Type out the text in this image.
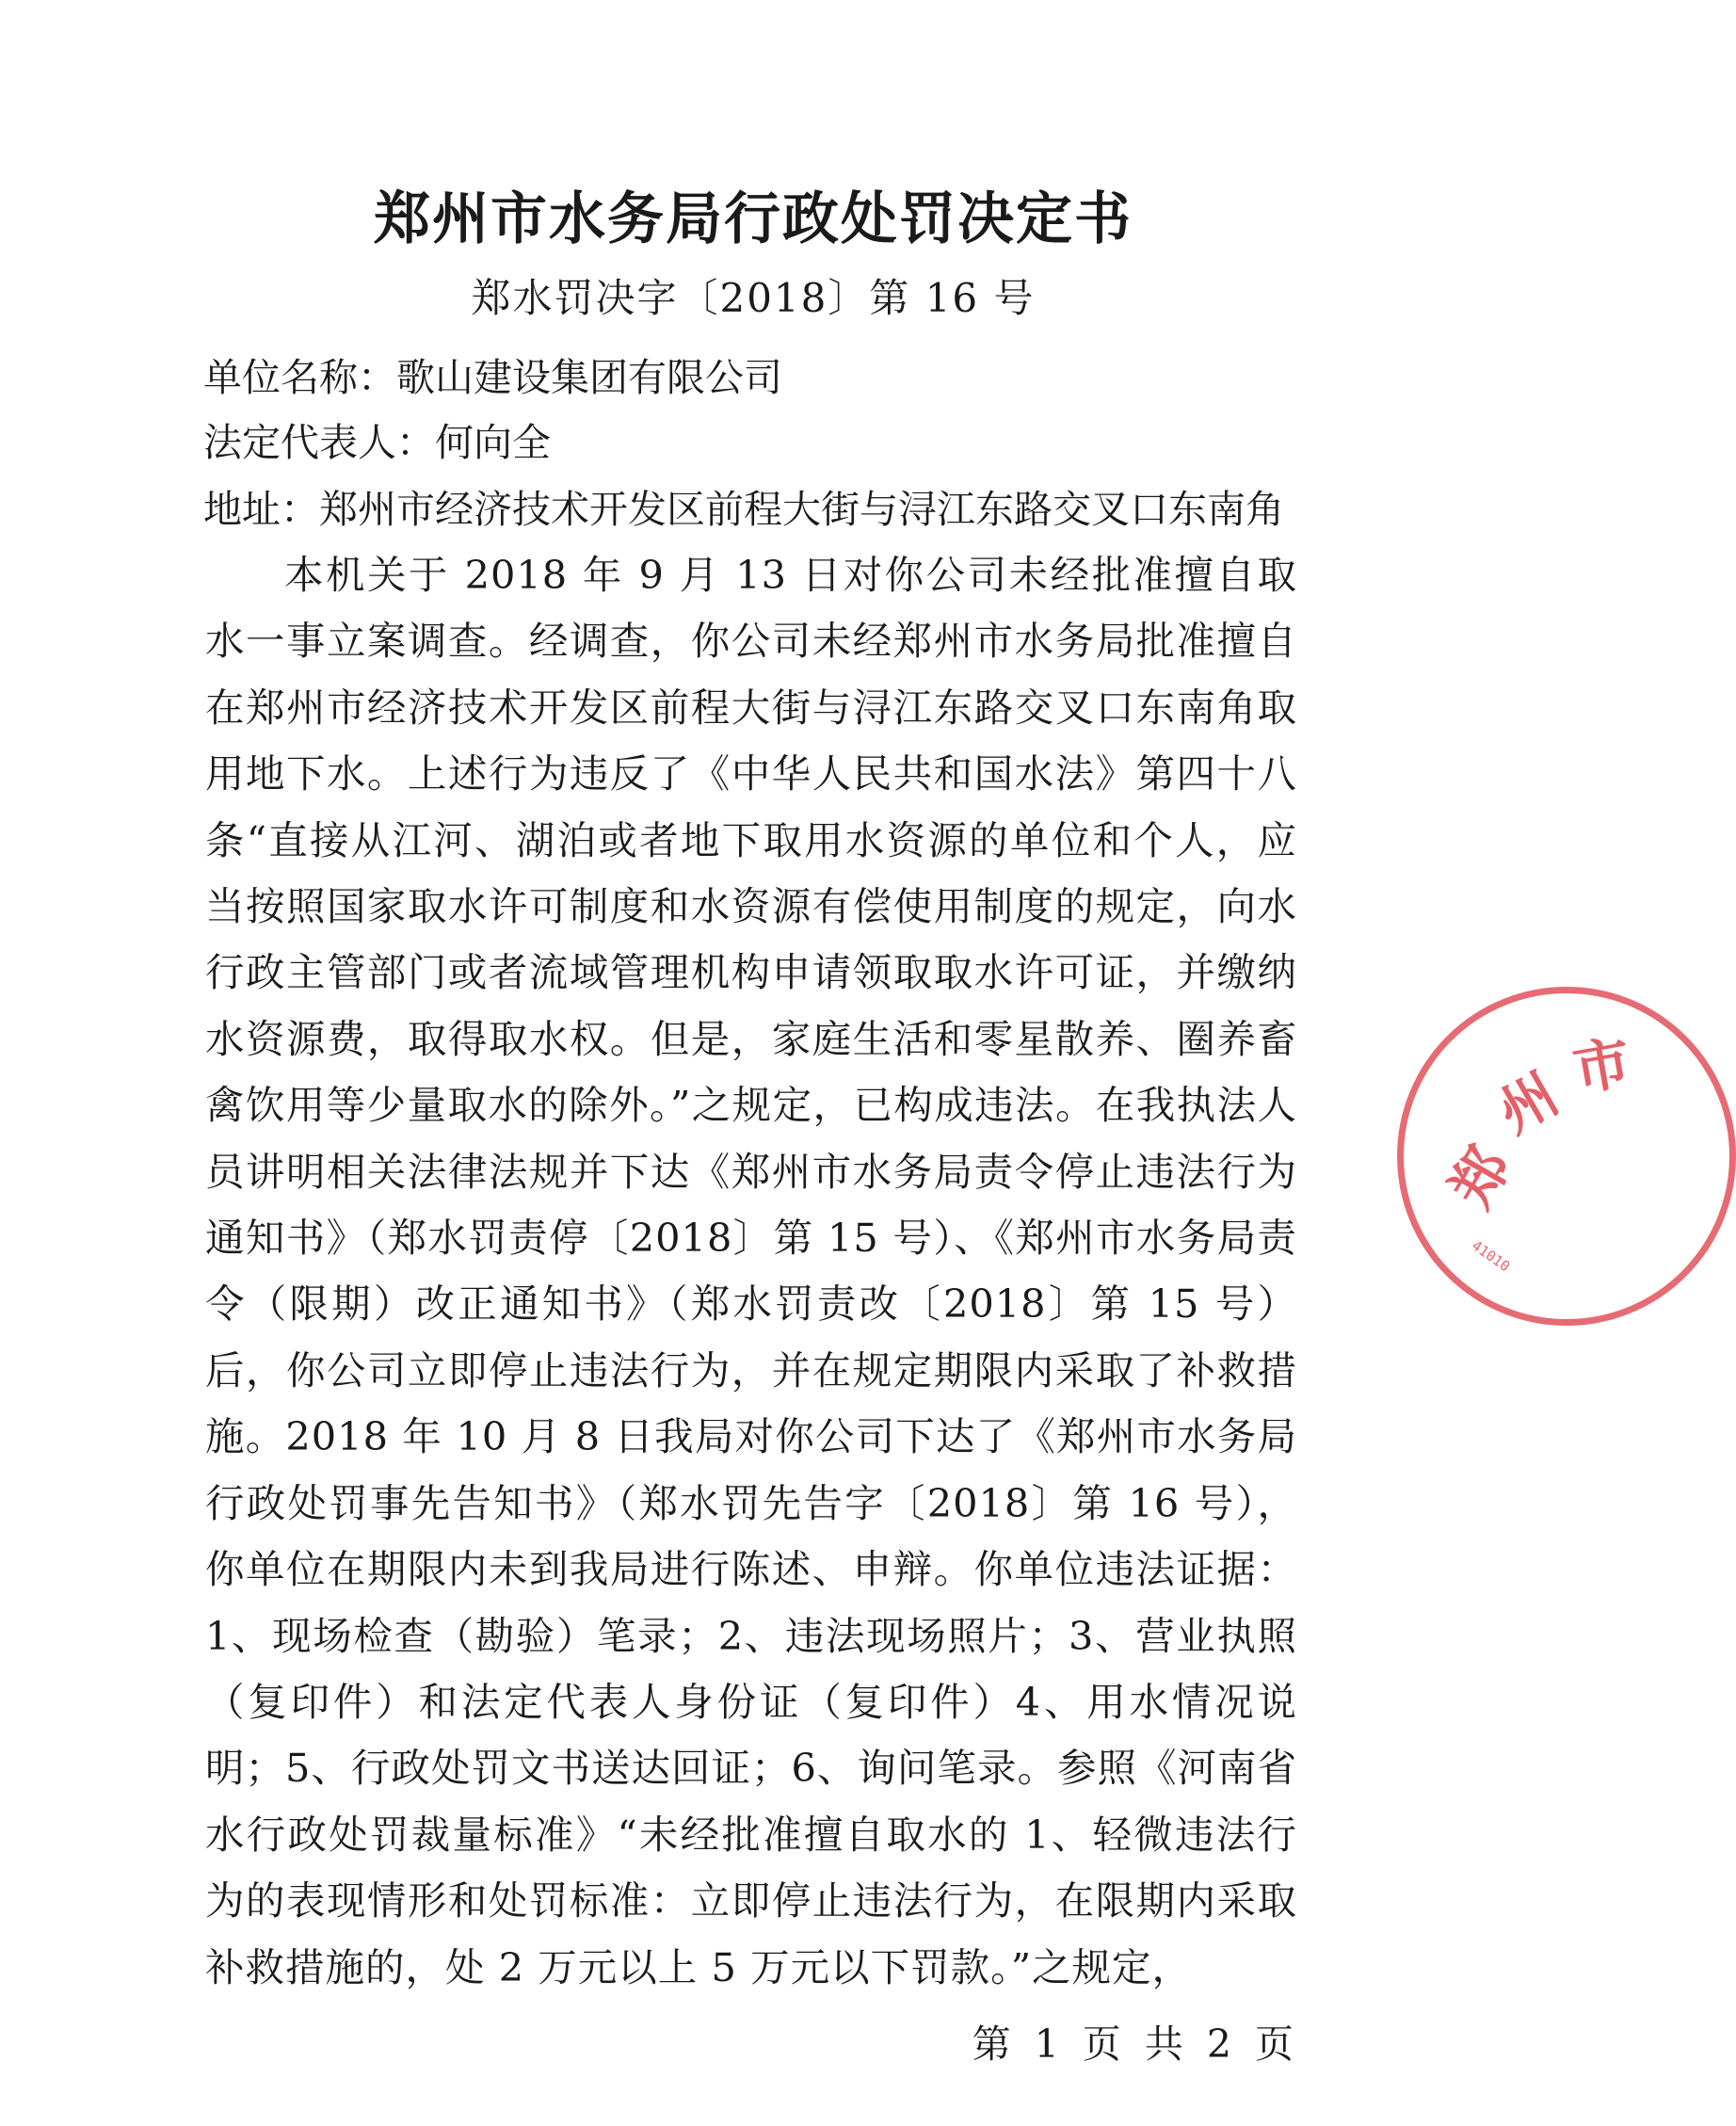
郑州市水务局行政处罚决定书
郑水罚决字〔2018〕第 16 号
单位名称：歌山建设集团有限公司
法定代表人：何向全
地址：郑州市经济技术开发区前程大街与浔江东路交叉口东南角
本机关于 2018 年 9 月 13 日对你公司未经批准擅自取水一事立案调查。经调查，你公司未经郑州市水务局批准擅自在郑州市经济技术开发区前程大街与浔江东路交叉口东南角取用地下水。上述行为违反了《中华人民共和国水法》第四十八条“直接从江河、湖泊或者地下取用水资源的单位和个人，应当按照国家取水许可制度和水资源有偿使用制度的规定，向水行政主管部门或者流域管理机构申请领取取水许可证，并缴纳水资源费，取得取水权。但是，家庭生活和零星散养、圈养畜禽饮用等少量取水的除外。”之规定，已构成违法。在我执法人员讲明相关法律法规并下达《郑州市水务局责令停止违法行为通知书》（郑水罚责停〔2018〕第 15 号）、《郑州市水务局责令（限期）改正通知书》（郑水罚责改〔2018〕第 15 号）后，你公司立即停止违法行为，并在规定期限内采取了补救措施。2018 年 10 月 8 日我局对你公司下达了《郑州市水务局行政处罚事先告知书》（郑水罚先告字〔2018〕第 16 号），你单位在期限内未到我局进行陈述、申辩。你单位违法证据：1、现场检查（勘验）笔录；2、违法现场照片；3、营业执照（复印件）和法定代表人身份证（复印件）4、用水情况说明；5、行政处罚文书送达回证；6、询问笔录。参照《河南省水行政处罚裁量标准》“未经批准擅自取水的 1、轻微违法行为的表现情形和处罚标准：立即停止违法行为，在限期内采取补救措施的，处 2 万元以上 5 万元以下罚款。”之规定，
第 1 页 共 2 页
郑
州 市
41010
